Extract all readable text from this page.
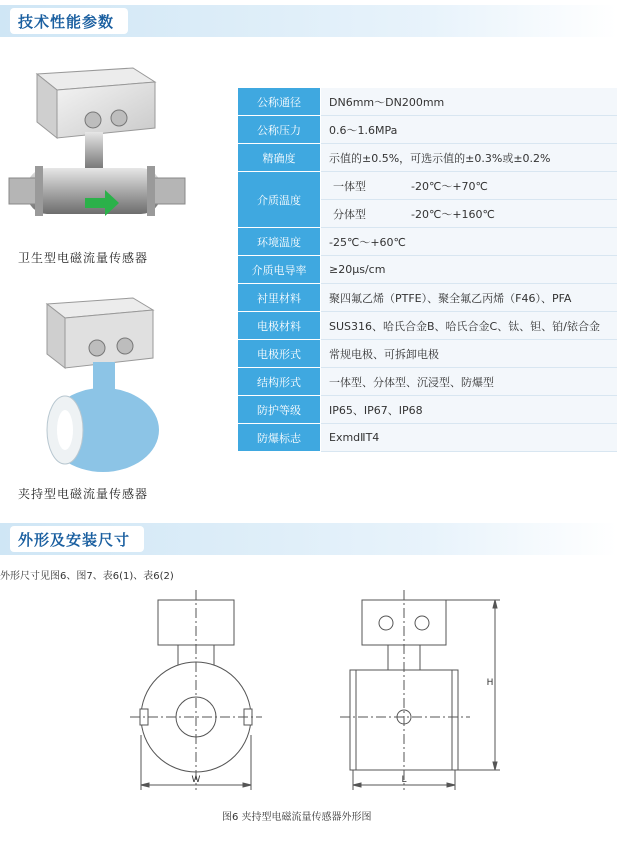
技术性能参数
卫生型电磁流量传感器
夹持型电磁流量传感器
公称通径	DN6mm～DN200mm	
公称压力	0.6～1.6MPa	
精确度	示值的±0.5%，可选示值的±0.3%或±0.2%	
介质温度	一体型	-20℃～+70℃
	分体型	-20℃～+160℃
环境温度	-25℃～+60℃	
介质电导率	≥20μs/cm	
衬里材料	聚四氟乙烯（PTFE）、聚全氟乙丙烯（F46）、PFA	
电极材料	SUS316、哈氏合金B、哈氏合金C、钛、钽、铂/铱合金	
电极形式	常规电极、可拆卸电极	
结构形式	一体型、分体型、沉浸型、防爆型	
防护等级	IP65、IP67、IP68	
防爆标志	ExmdⅡT4	
外形及安装尺寸
外形尺寸见图6、图7、表6(1)、表6(2)
W	L
H
图6 夹持型电磁流量传感器外形图
